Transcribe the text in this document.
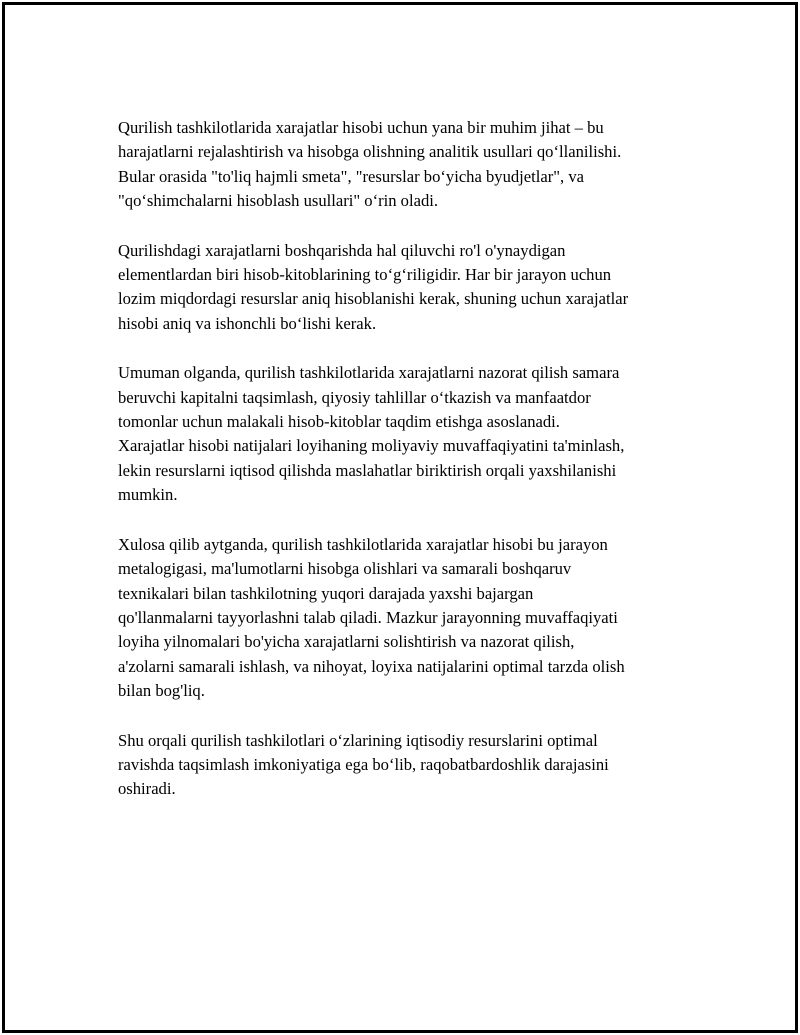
Qurilish tashkilotlarida xarajatlar hisobi uchun yana bir muhim jihat – bu
harajatlarni rejalashtirish va hisobga olishning analitik usullari qo‘llanilishi.
Bular orasida "to'liq hajmli smeta", "resurslar bo‘yicha byudjetlar", va
"qo‘shimchalarni hisoblash usullari" o‘rin oladi.
Qurilishdagi xarajatlarni boshqarishda hal qiluvchi ro'l o'ynaydigan
elementlardan biri hisob-kitoblarining to‘g‘riligidir. Har bir jarayon uchun
lozim miqdordagi resurslar aniq hisoblanishi kerak, shuning uchun xarajatlar
hisobi aniq va ishonchli bo‘lishi kerak.
Umuman olganda, qurilish tashkilotlarida xarajatlarni nazorat qilish samara
beruvchi kapitalni taqsimlash, qiyosiy tahlillar o‘tkazish va manfaatdor
tomonlar uchun malakali hisob-kitoblar taqdim etishga asoslanadi.
Xarajatlar hisobi natijalari loyihaning moliyaviy muvaffaqiyatini ta'minlash,
lekin resurslarni iqtisod qilishda maslahatlar biriktirish orqali yaxshilanishi
mumkin.
Xulosa qilib aytganda, qurilish tashkilotlarida xarajatlar hisobi bu jarayon
metalogigasi, ma'lumotlarni hisobga olishlari va samarali boshqaruv
texnikalari bilan tashkilotning yuqori darajada yaxshi bajargan
qo'llanmalarni tayyorlashni talab qiladi. Mazkur jarayonning muvaffaqiyati
loyiha yilnomalari bo'yicha xarajatlarni solishtirish va nazorat qilish,
a'zolarni samarali ishlash, va nihoyat, loyixa natijalarini optimal tarzda olish
bilan bog'liq.
Shu orqali qurilish tashkilotlari o‘zlarining iqtisodiy resurslarini optimal
ravishda taqsimlash imkoniyatiga ega bo‘lib, raqobatbardoshlik darajasini
oshiradi.
